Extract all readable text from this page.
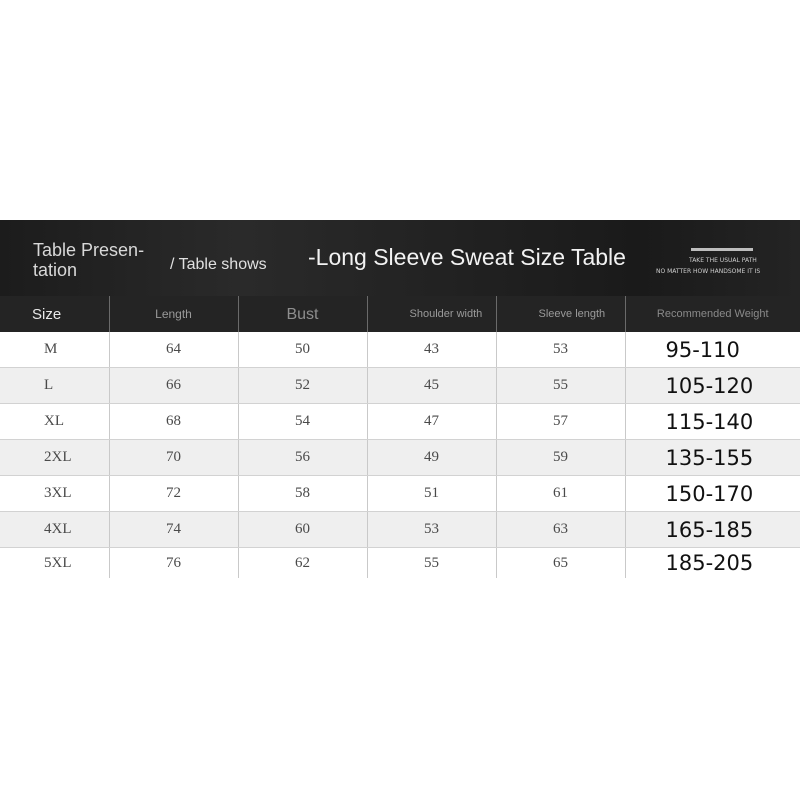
Table Presen-
tation	/ Table shows -Long Sleeve Sweat Size Table	TAKE THE USUAL PATH
NO MATTER HOW HANDSOME IT IS
Size	Length	Bust	Shoulder width	Sleeve length	Recommended Weight
M	64	50	43	53	95-110
L	66	52	45	55	105-120
XL	68	54	47	57	115-140
2XL	70	56	49	59	135-155
3XL	72	58	51	61	150-170
4XL	74	60	53	63	165-185
5XL	76	62	55	65	185-205
